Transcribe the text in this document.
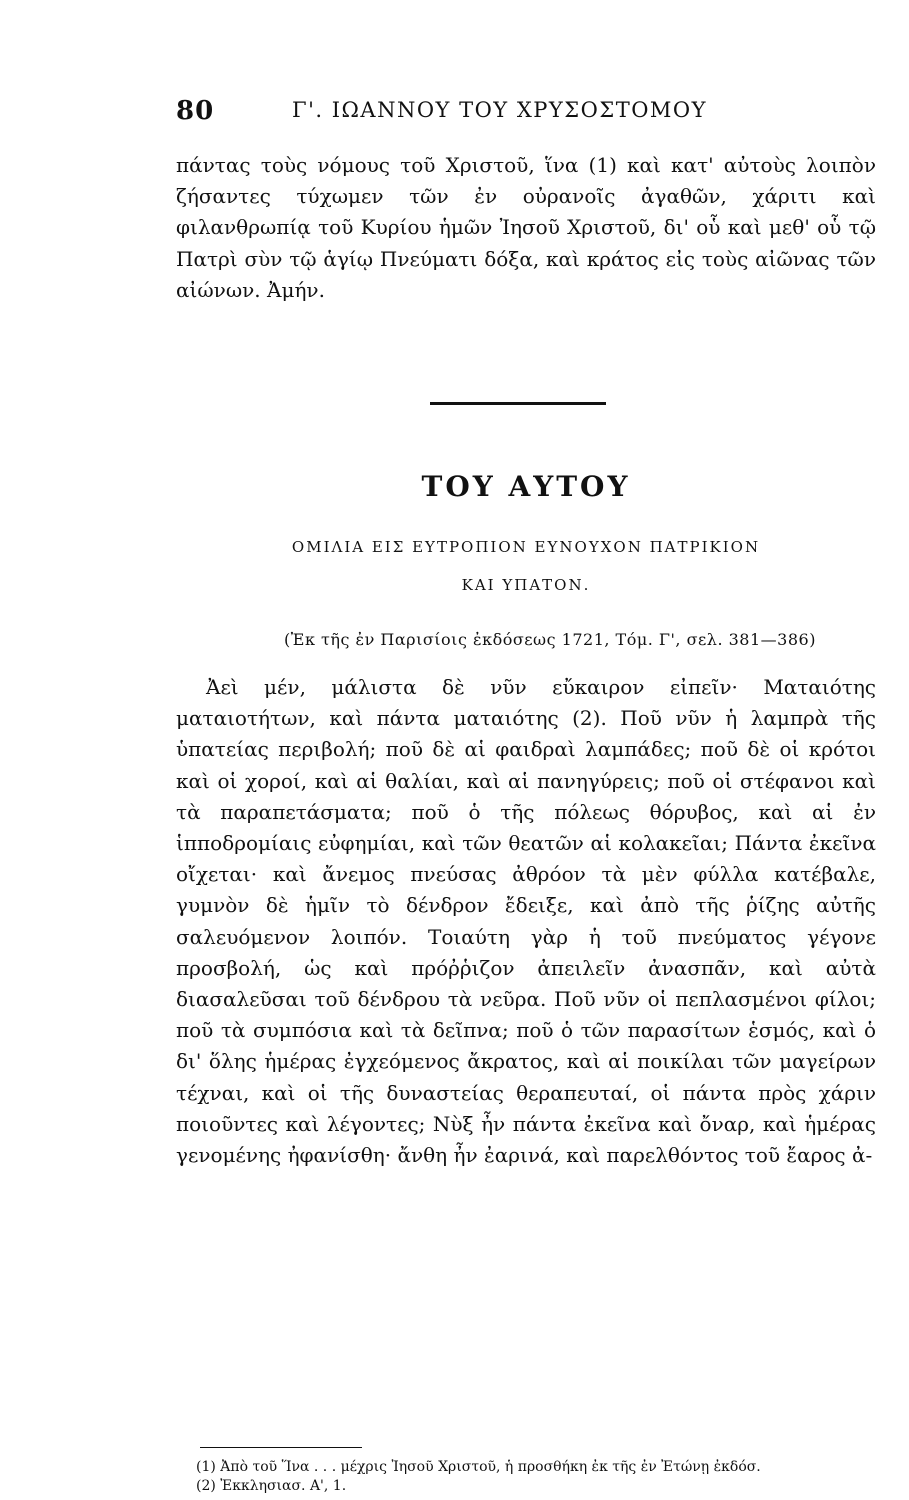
80	Γ'. ΙΩΑΝΝΟΥ ΤΟΥ ΧΡΥΣΟΣΤΟΜΟΥ

πάντας τοὺς νόμους τοῦ Χριστοῦ, ἵνα (1) καὶ κατ' αὐτοὺς λοιπὸν ζήσαντες τύχωμεν τῶν ἐν οὐρανοῖς ἀγαθῶν, χάριτι καὶ φιλανθρωπίᾳ τοῦ Κυρίου ἡμῶν Ἰησοῦ Χριστοῦ, δι' οὗ καὶ μεθ' οὗ τῷ Πατρὶ σὺν τῷ ἁγίῳ Πνεύματι δόξα, καὶ κράτος εἰς τοὺς αἰῶνας τῶν αἰώνων. Ἀμήν.

ΤΟΥ ΑΥΤΟΥ
ΟΜΙΛΙΑ ΕΙΣ ΕΥΤΡΟΠΙΟΝ ΕΥΝΟΥΧΟΝ ΠΑΤΡΙΚΙΟΝ
ΚΑΙ ΥΠΑΤΟΝ.
(Ἐκ τῆς ἐν Παρισίοις ἐκδόσεως 1721, Τόμ. Γ', σελ. 381—386)

Ἀεὶ μέν, μάλιστα δὲ νῦν εὔκαιρον εἰπεῖν· Ματαιότης ματαιοτήτων, καὶ πάντα ματαιότης (2). Ποῦ νῦν ἡ λαμπρὰ τῆς ὑπατείας περιβολή; ποῦ δὲ αἱ φαιδραὶ λαμπάδες; ποῦ δὲ οἱ κρότοι καὶ οἱ χοροί, καὶ αἱ θαλίαι, καὶ αἱ πανηγύρεις; ποῦ οἱ στέφανοι καὶ τὰ παραπετάσματα; ποῦ ὁ τῆς πόλεως θόρυβος, καὶ αἱ ἐν ἱπποδρομίαις εὐφημίαι, καὶ τῶν θεατῶν αἱ κολακεῖαι; Πάντα ἐκεῖνα οἴχεται· καὶ ἄνεμος πνεύσας ἀθρόον τὰ μὲν φύλλα κατέβαλε, γυμνὸν δὲ ἡμῖν τὸ δένδρον ἔδειξε, καὶ ἀπὸ τῆς ῥίζης αὐτῆς σαλευόμενον λοιπόν. Τοιαύτη γὰρ ἡ τοῦ πνεύματος γέγονε προσβολή, ὡς καὶ πρόῤῥιζον ἀπειλεῖν ἀνασπᾶν, καὶ αὐτὰ διασαλεῦσαι τοῦ δένδρου τὰ νεῦρα. Ποῦ νῦν οἱ πεπλασμένοι φίλοι; ποῦ τὰ συμπόσια καὶ τὰ δεῖπνα; ποῦ ὁ τῶν παρασίτων ἑσμός, καὶ ὁ δι' ὅλης ἡμέρας ἐγχεόμενος ἄκρατος, καὶ αἱ ποικίλαι τῶν μαγείρων τέχναι, καὶ οἱ τῆς δυναστείας θεραπευταί, οἱ πάντα πρὸς χάριν ποιοῦντες καὶ λέγοντες; Νὺξ ἦν πάντα ἐκεῖνα καὶ ὄναρ, καὶ ἡμέρας γενομένης ἠφανίσθη· ἄνθη ἦν ἐαρινά, καὶ παρελθόντος τοῦ ἔαρος ἀ-

(1) Ἀπὸ τοῦ Ἵνα . . . μέχρις Ἰησοῦ Χριστοῦ, ἡ προσθήκη ἐκ τῆς ἐν Ἐτώνῃ ἐκδόσ.

(2) Ἐκκλησιασ. Α', 1.
